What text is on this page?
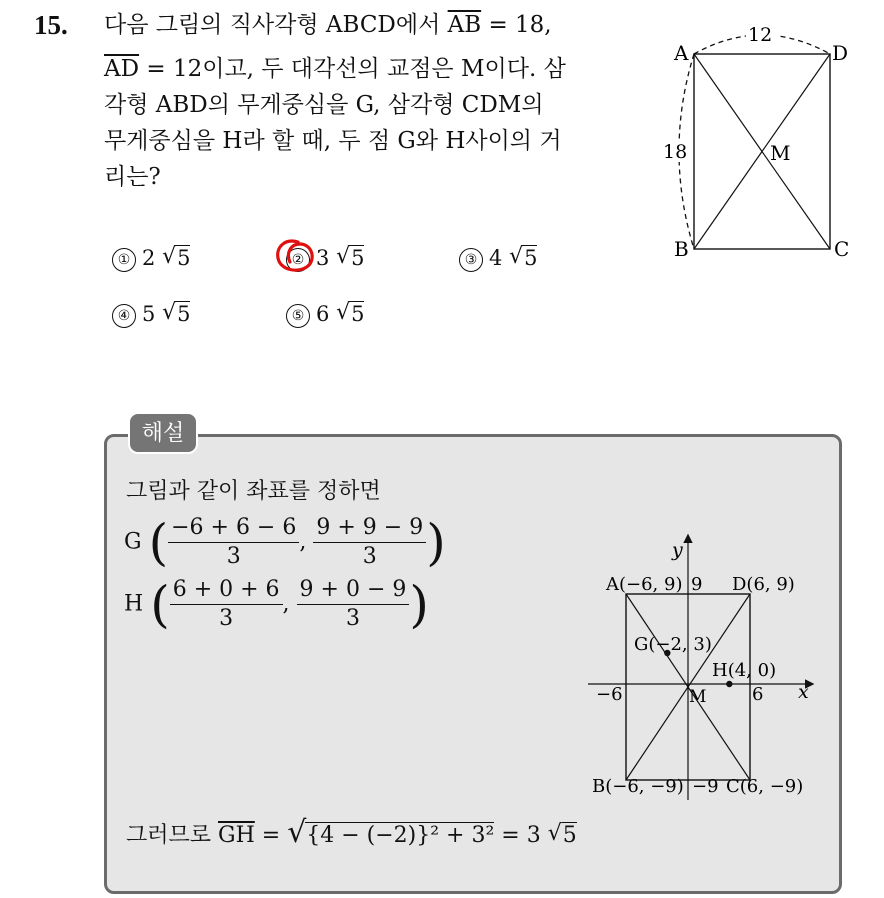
15. 다음 그림의 직사각형 ABCD에서 $\overline{AB} = 18$,
$\overline{AD} = 12$이고, 두 대각선의 교점은 M이다. 삼
각형 ABD의 무게중심을 G, 삼각형 CDM의
무게중심을 H라 할 때, 두 점 G와 H사이의 거
리는?
① 2 √ 5	② 3 √ 5	③ 4 √ 5
④ 5 √ 5	⑤ 6 √ 5
12
18
A	D
B	C
M
해설
그림과 같이 좌표를 정하면
G ( $\frac{-6 + 6 - 6}{3}$ , $\frac{9 + 9 - 9}{3}$ )
H ( $\frac{6 + 0 + 6}{3}$ , $\frac{9 + 0 - 9}{3}$ )
그러므로 $\overline{GH}$ = √ {4 − (−2)}² + 3² = 3 √ 5
y
x
A(−6, 9) 9 D(6, 9)
G(−2, 3)
H(4, 0)
−6	M	6
B(−6, −9) −9 C(6, −9)
